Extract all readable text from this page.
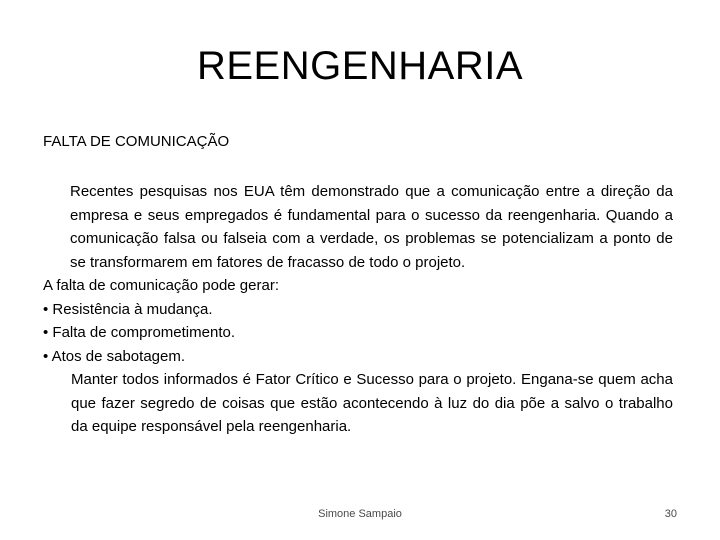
REENGENHARIA
FALTA DE COMUNICAÇÃO

Recentes pesquisas nos EUA têm demonstrado que a comunicação entre a direção da empresa e seus empregados é fundamental para o sucesso da reengenharia. Quando a comunicação falsa ou falseia com a verdade, os problemas se potencializam a ponto de se transformarem em fatores de fracasso de todo o projeto.

A falta de comunicação pode gerar:

• Resistência à mudança.

• Falta de comprometimento.

• Atos de sabotagem.

Manter todos informados é Fator Crítico e Sucesso para o projeto. Engana-se quem acha que fazer segredo de coisas que estão acontecendo à luz do dia põe a salvo o trabalho da equipe responsável pela reengenharia.

Simone Sampaio	30
